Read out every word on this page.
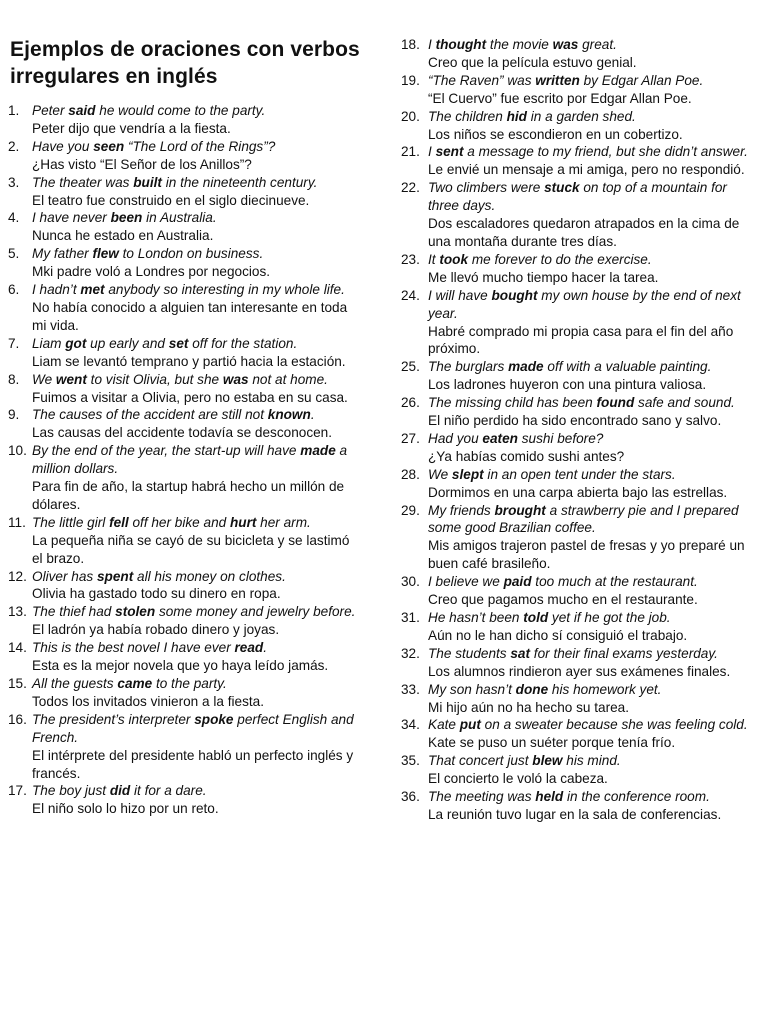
Ejemplos de oraciones con verbos irregulares en inglés
1. Peter said he would come to the party.
Peter dijo que vendría a la fiesta.
2. Have you seen “The Lord of the Rings”?
¿Has visto “El Señor de los Anillos”?
3. The theater was built in the nineteenth century.
El teatro fue construido en el siglo diecinueve.
4. I have never been in Australia.
Nunca he estado en Australia.
5. My father flew to London on business.
Mki padre voló a Londres por negocios.
6. I hadn’t met anybody so interesting in my whole life.
No había conocido a alguien tan interesante en toda mi vida.
7. Liam got up early and set off for the station.
Liam se levantó temprano y partió hacia la estación.
8. We went to visit Olivia, but she was not at home.
Fuimos a visitar a Olivia, pero no estaba en su casa.
9. The causes of the accident are still not known.
Las causas del accidente todavía se desconocen.
10. By the end of the year, the start-up will have made a million dollars.
Para fin de año, la startup habrá hecho un millón de dólares.
11. The little girl fell off her bike and hurt her arm.
La pequeña niña se cayó de su bicicleta y se lastimó el brazo.
12. Oliver has spent all his money on clothes.
Olivia ha gastado todo su dinero en ropa.
13. The thief had stolen some money and jewelry before.
El ladrón ya había robado dinero y joyas.
14. This is the best novel I have ever read.
Esta es la mejor novela que yo haya leído jamás.
15. All the guests came to the party.
Todos los invitados vinieron a la fiesta.
16. The president’s interpreter spoke perfect English and French.
El intérprete del presidente habló un perfecto inglés y francés.
17. The boy just did it for a dare.
El niño solo lo hizo por un reto.
18. I thought the movie was great.
Creo que la película estuvo genial.
19. “The Raven” was written by Edgar Allan Poe.
“El Cuervo” fue escrito por Edgar Allan Poe.
20. The children hid in a garden shed.
Los niños se escondieron en un cobertizo.
21. I sent a message to my friend, but she didn’t answer.
Le envié un mensaje a mi amiga, pero no respondió.
22. Two climbers were stuck on top of a mountain for three days.
Dos escaladores quedaron atrapados en la cima de una montaña durante tres días.
23. It took me forever to do the exercise.
Me llevó mucho tiempo hacer la tarea.
24. I will have bought my own house by the end of next year.
Habré comprado mi propia casa para el fin del año próximo.
25. The burglars made off with a valuable painting.
Los ladrones huyeron con una pintura valiosa.
26. The missing child has been found safe and sound.
El niño perdido ha sido encontrado sano y salvo.
27. Had you eaten sushi before?
¿Ya habías comido sushi antes?
28. We slept in an open tent under the stars.
Dormimos en una carpa abierta bajo las estrellas.
29. My friends brought a strawberry pie and I prepared some good Brazilian coffee.
Mis amigos trajeron pastel de fresas y yo preparé un buen café brasileño.
30. I believe we paid too much at the restaurant.
Creo que pagamos mucho en el restaurante.
31. He hasn’t been told yet if he got the job.
Aún no le han dicho sí consiguió el trabajo.
32. The students sat for their final exams yesterday.
Los alumnos rindieron ayer sus exámenes finales.
33. My son hasn’t done his homework yet.
Mi hijo aún no ha hecho su tarea.
34. Kate put on a sweater because she was feeling cold.
Kate se puso un suéter porque tenía frío.
35. That concert just blew his mind.
El concierto le voló la cabeza.
36. The meeting was held in the conference room.
La reunión tuvo lugar en la sala de conferencias.
